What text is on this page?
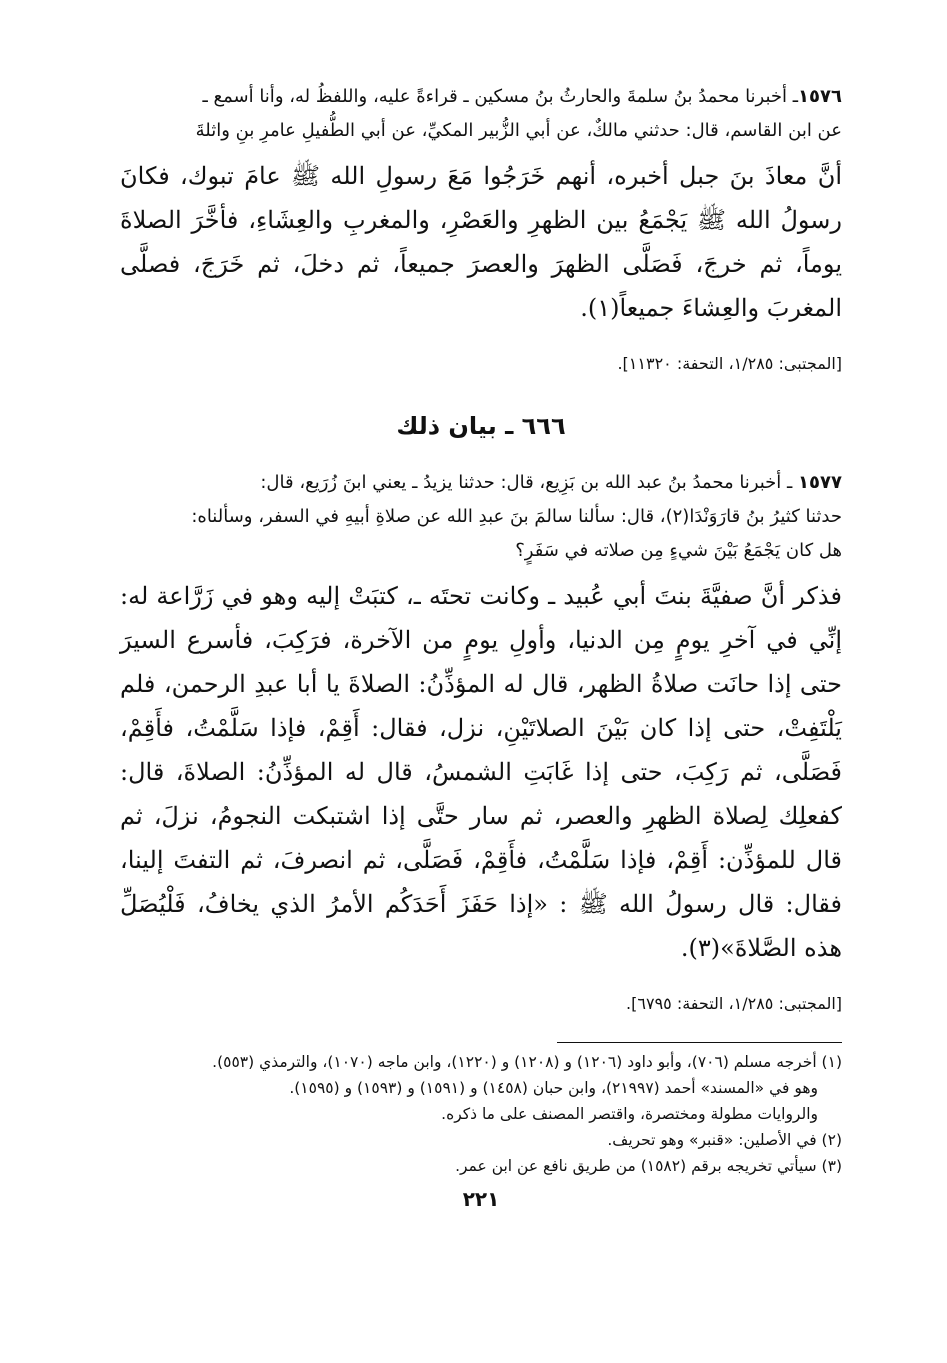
١٥٧٦ـ أخبرنا محمدُ بنُ سلمةَ والحارثُ بنُ مسكين ـ قراءةً عليه، واللفظُ له، وأنا أسمع ـ
عن ابن القاسم، قال: حدثني مالكٌ، عن أبي الزُّبير المكيِّ، عن أبي الطُّفيلِ عامرِ بنِ واثلةَ

أنَّ معاذَ بنَ جبل أخبره، أنهم خَرَجُوا مَعَ رسولِ الله ﷺ عامَ تبوك، فكانَ رسولُ الله ﷺ يَجْمَعُ بين الظهرِ والعَصْرِ، والمغربِ والعِشَاءِ، فأخَّرَ الصلاةَ يوماً، ثم خرجَ، فَصَلَّى الظهرَ والعصرَ جميعاً، ثم دخلَ، ثم خَرَجَ، فصلَّى المغربَ والعِشاءَ جميعاً(١).

[المجتبى: ١/٢٨٥، التحفة: ١١٣٢٠].

٦٦٦ ـ بيان ذلك

١٥٧٧ ـ أخبرنا محمدُ بنُ عبد الله بن بَزِيع، قال: حدثنا يزيدُ ـ يعني ابنَ زُرَيع، قال:
حدثنا كثيرُ بنُ قارَوَنْدَا(٢)، قال: سألنا سالمَ بنَ عبدِ الله عن صلاةِ أبيهِ في السفر، وسألناه:
هل كان يَجْمَعُ بَيْنَ شيءٍ مِن صلاته في سَفَرٍ؟

فذكر أنَّ صفيَّةَ بنتَ أبي عُبيد ـ وكانت تحتَه ـ، كتبَتْ إليه وهو في زَرَّاعة له: إنِّي في آخرِ يومٍ مِن الدنيا، وأولِ يومٍ من الآخرة، فرَكِبَ، فأسرع السيرَ حتى إذا حانَت صلاةُ الظهر، قال له المؤذِّنُ: الصلاةَ يا أبا عبدِ الرحمن، فلم يَلْتَفِتْ، حتى إذا كان بَيْنَ الصلاتَيْنِ، نزل، فقال: أَقِمْ، فإذا سَلَّمْتُ، فأَقِمْ، فَصَلَّى، ثم رَكِبَ، حتى إذا غَابَتِ الشمسُ، قال له المؤذِّنُ: الصلاةَ، قال: كفعلِك لِصلاة الظهرِ والعصر، ثم سار حتَّى إذا اشتبكت النجومُ، نزلَ، ثم قال للمؤذِّن: أَقِمْ، فإذا سَلَّمْتُ، فأَقِمْ، فَصَلَّى، ثم انصرفَ، ثم التفتَ إلينا، فقال: قال رسولُ الله ﷺ : «إذا حَفَزَ أَحَدَكُم الأمرُ الذي يخافُ، فَلْيُصَلِّ هذه الصَّلاةَ»(٣).

[المجتبى: ١/٢٨٥، التحفة: ٦٧٩٥].

(١) أخرجه مسلم (٧٠٦)، وأبو داود (١٢٠٦) و (١٢٠٨) و (١٢٢٠)، وابن ماجه (١٠٧٠)، والترمذي (٥٥٣).

وهو في «المسند» أحمد (٢١٩٩٧)، وابن حبان (١٤٥٨) و (١٥٩١) و (١٥٩٣) و (١٥٩٥).

والروايات مطولة ومختصرة، واقتصر المصنف على ما ذكره.

(٢) في الأصلين: «قنبر» وهو تحريف.

(٣) سيأتي تخريجه برقم (١٥٨٢) من طريق نافع عن ابن عمر.

٢٢١
